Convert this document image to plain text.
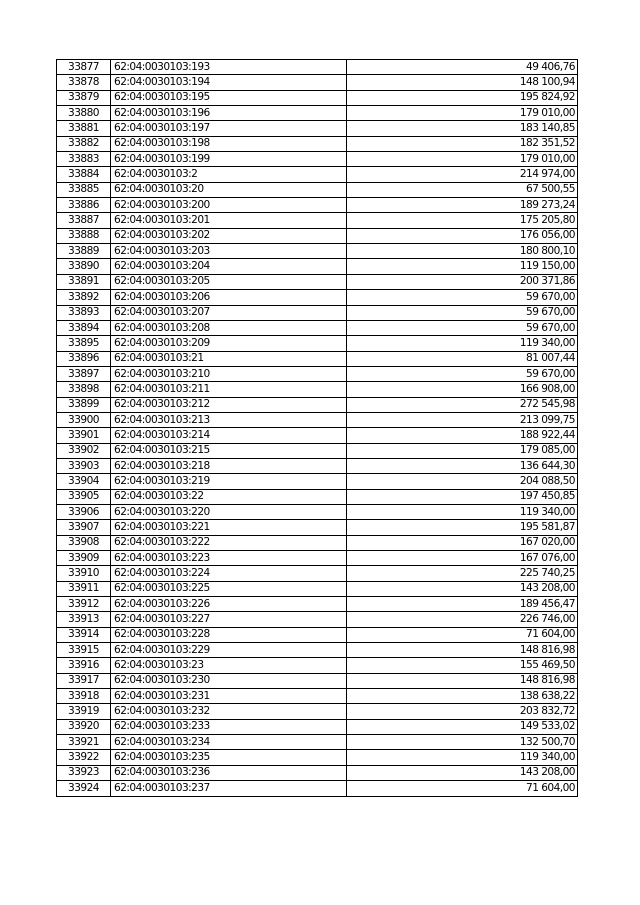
33877	62:04:0030103:193	49 406,76
33878	62:04:0030103:194	148 100,94
33879	62:04:0030103:195	195 824,92
33880	62:04:0030103:196	179 010,00
33881	62:04:0030103:197	183 140,85
33882	62:04:0030103:198	182 351,52
33883	62:04:0030103:199	179 010,00
33884	62:04:0030103:2	214 974,00
33885	62:04:0030103:20	67 500,55
33886	62:04:0030103:200	189 273,24
33887	62:04:0030103:201	175 205,80
33888	62:04:0030103:202	176 056,00
33889	62:04:0030103:203	180 800,10
33890	62:04:0030103:204	119 150,00
33891	62:04:0030103:205	200 371,86
33892	62:04:0030103:206	59 670,00
33893	62:04:0030103:207	59 670,00
33894	62:04:0030103:208	59 670,00
33895	62:04:0030103:209	119 340,00
33896	62:04:0030103:21	81 007,44
33897	62:04:0030103:210	59 670,00
33898	62:04:0030103:211	166 908,00
33899	62:04:0030103:212	272 545,98
33900	62:04:0030103:213	213 099,75
33901	62:04:0030103:214	188 922,44
33902	62:04:0030103:215	179 085,00
33903	62:04:0030103:218	136 644,30
33904	62:04:0030103:219	204 088,50
33905	62:04:0030103:22	197 450,85
33906	62:04:0030103:220	119 340,00
33907	62:04:0030103:221	195 581,87
33908	62:04:0030103:222	167 020,00
33909	62:04:0030103:223	167 076,00
33910	62:04:0030103:224	225 740,25
33911	62:04:0030103:225	143 208,00
33912	62:04:0030103:226	189 456,47
33913	62:04:0030103:227	226 746,00
33914	62:04:0030103:228	71 604,00
33915	62:04:0030103:229	148 816,98
33916	62:04:0030103:23	155 469,50
33917	62:04:0030103:230	148 816,98
33918	62:04:0030103:231	138 638,22
33919	62:04:0030103:232	203 832,72
33920	62:04:0030103:233	149 533,02
33921	62:04:0030103:234	132 500,70
33922	62:04:0030103:235	119 340,00
33923	62:04:0030103:236	143 208,00
33924	62:04:0030103:237	71 604,00
